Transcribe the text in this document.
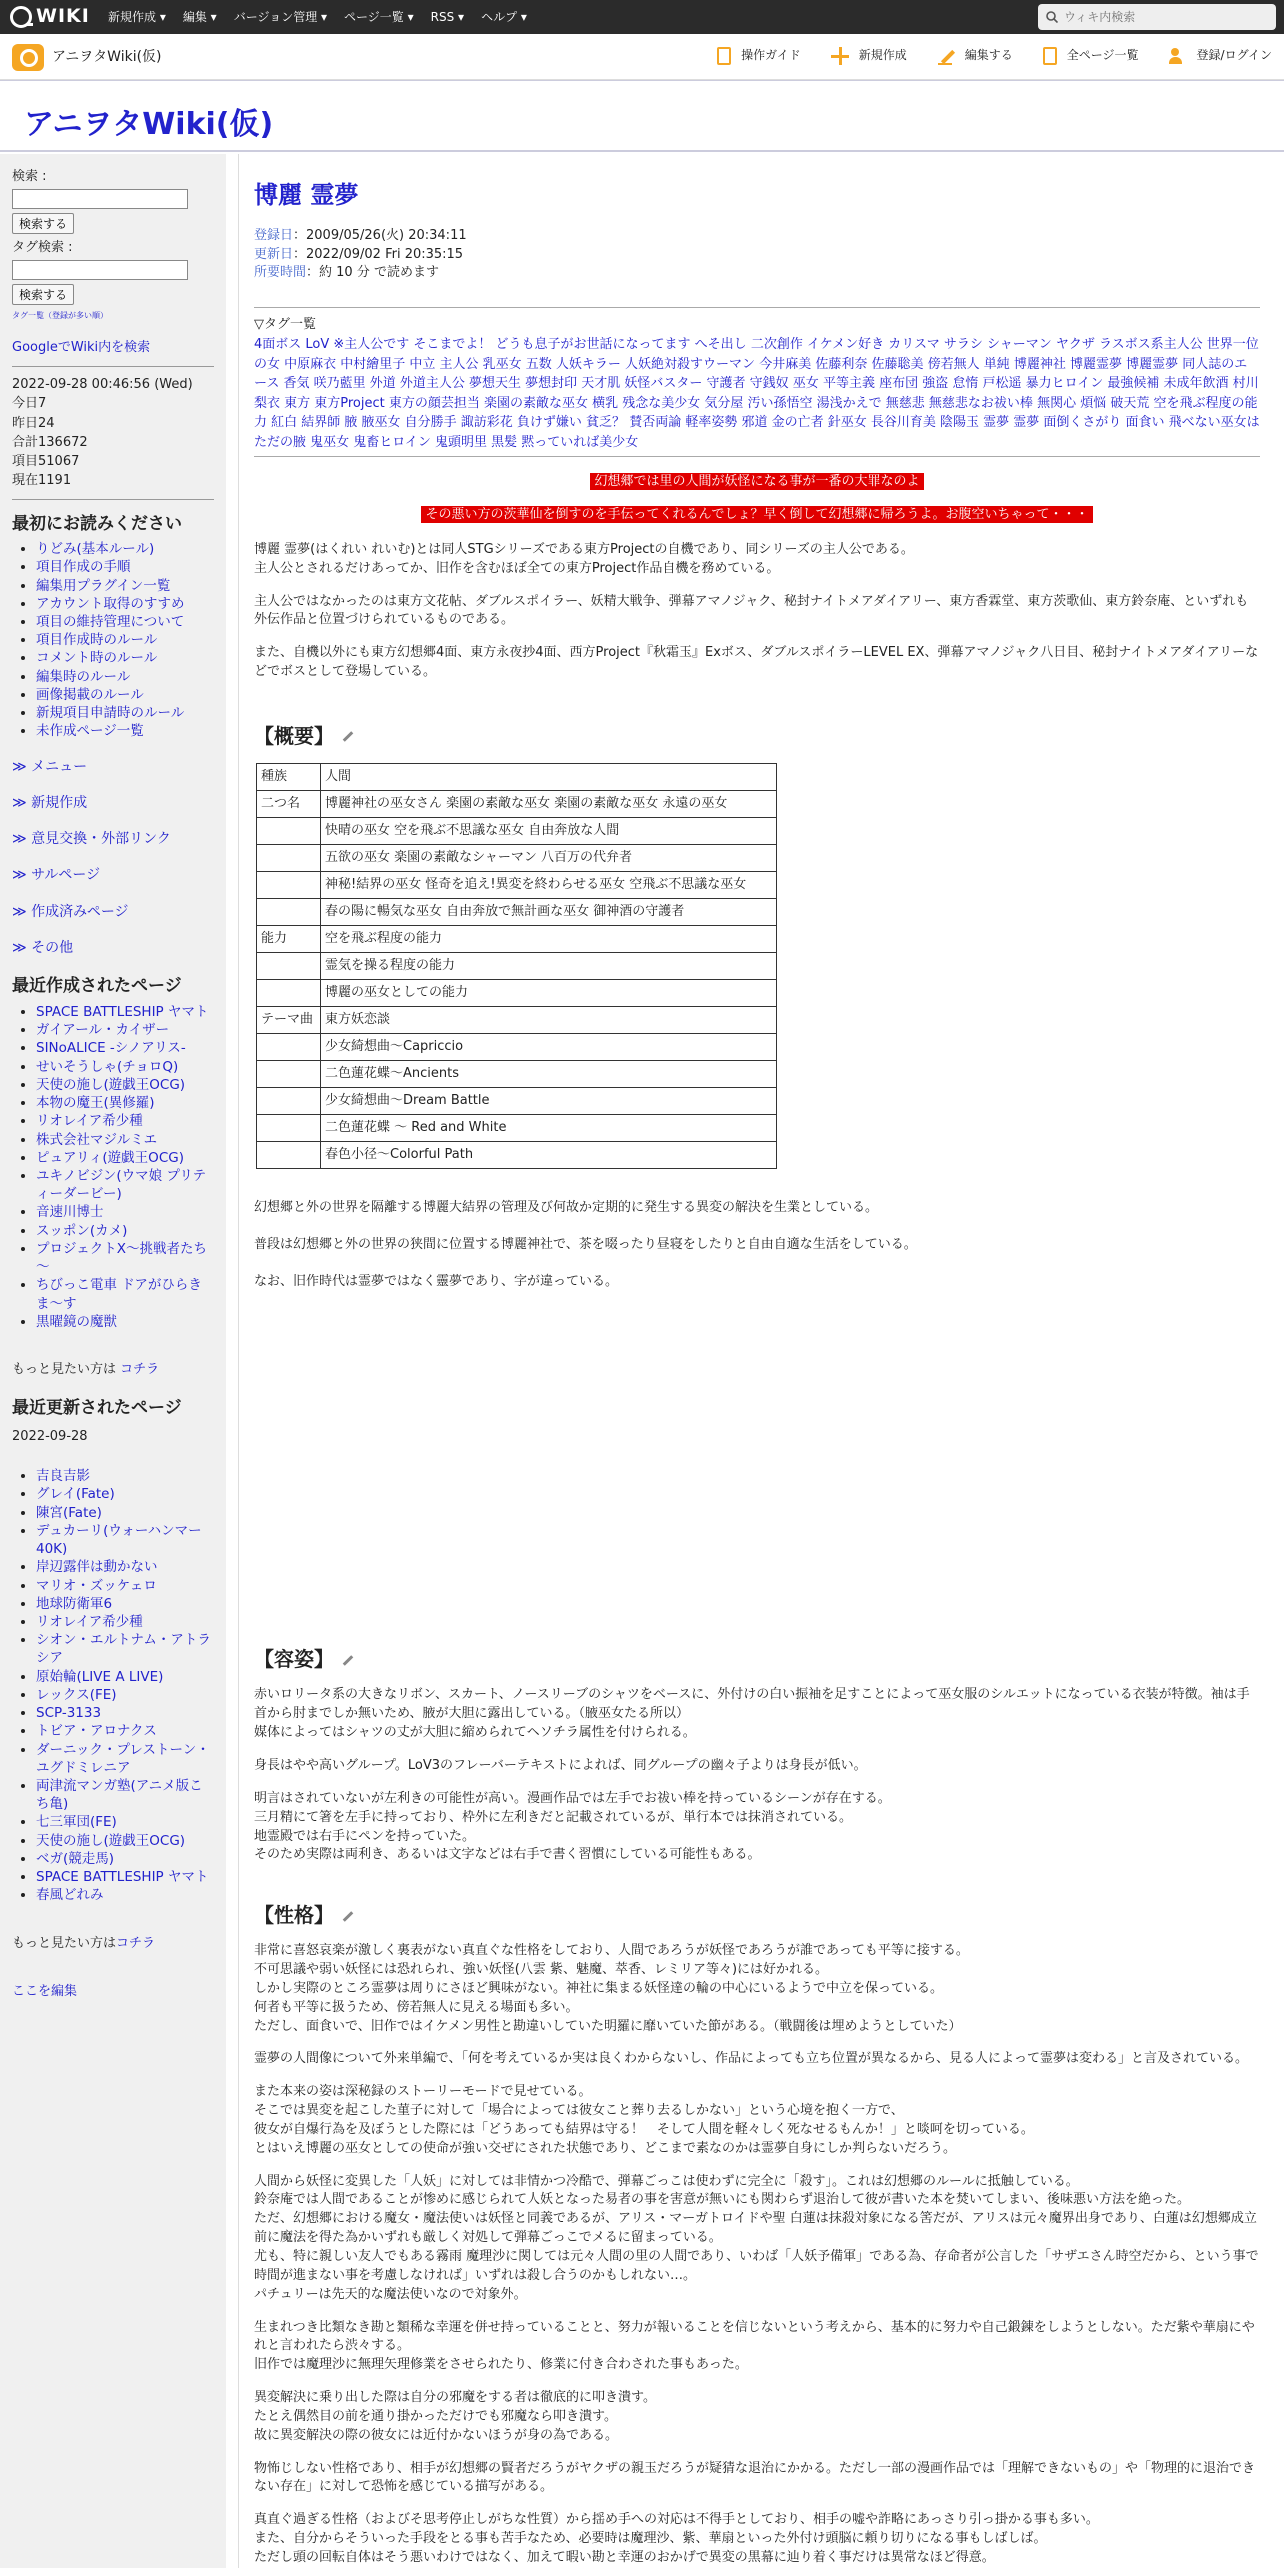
WIKI 新規作成 ▾ 編集 ▾ バージョン管理 ▾ ページ一覧 ▾ RSS ▾ ヘルプ ▾
ウィキ内検索
アニヲタWiki(仮)	操作ガイド	新規作成	編集する	全ページ一覧	登録/ログイン
アニヲタWiki(仮)
検索 :

検索する
タグ検索 :

検索する
タグ一覧（登録が多い順）
GoogleでWiki内を検索
2022-09-28 00:46:56 (Wed)
今日7
昨日24
合計136672
項目51067
現在1191
最初にお読みください
• りどみ(基本ルール)
• 項目作成の手順
• 編集用プラグイン一覧
• アカウント取得のすすめ
• 項目の維持管理について
• 項目作成時のルール
• コメント時のルール
• 編集時のルール
• 画像掲載のルール
• 新規項目申請時のルール
• 未作成ページ一覧
≫ メニュー
≫ 新規作成
≫ 意見交換・外部リンク
≫ サルページ
≫ 作成済みページ
≫ その他
最近作成されたページ
• SPACE BATTLESHIP ヤマト
• ガイアール・カイザー
• SINoALICE -シノアリス-
• せいそうしゃ(チョロQ)
• 天使の施し(遊戯王OCG)
• 本物の魔王(異修羅)
• リオレイア希少種
• 株式会社マジルミエ
• ピュアリィ(遊戯王OCG)
• ユキノビジン(ウマ娘 プリティーダービー)
• 音速川博士
• スッポン(カメ)
• プロジェクトX～挑戦者たち～
• ちびっこ電車 ドアがひらきま～す
• 黒曜鏡の魔獣
もっと見たい方は コチラ
最近更新されたページ
2022-09-28
• 吉良吉影
• グレイ(Fate)
• 陳宮(Fate)
• デュカーリ(ウォーハンマー40K)
• 岸辺露伴は動かない
• マリオ・ズッケェロ
• 地球防衛軍6
• リオレイア希少種
• シオン・エルトナム・アトラシア
• 原始輪(LIVE A LIVE)
• レックス(FE)
• SCP-3133
• トビア・アロナクス
• ダーニック・プレストーン・ユグドミレニア
• 両津流マンガ塾(アニメ版こち亀)
• 七三軍団(FE)
• 天使の施し(遊戯王OCG)
• ベガ(競走馬)
• SPACE BATTLESHIP ヤマト
• 春風どれみ
もっと見たい方はコチラ
ここを編集
博麗 霊夢
登録日：2009/05/26(火) 20:34:11
更新日：2022/09/02 Fri 20:35:15
所要時間：約 10 分 で読めます
▽タグ一覧
4面ボス LoV ※主人公です そこまでよ！ どうも息子がお世話になってます へそ出し 二次創作 イケメン好き カリスマ サラシ シャーマン ヤクザ ラスボス系主人公 世界一位の女 中原麻衣 中村繪里子 中立 主人公 乳巫女 五数 人妖キラー 人妖絶対殺すウーマン 今井麻美 佐藤利奈 佐藤聡美 傍若無人 単純 博麗神社 博麗霊夢 博麗霊夢 同人誌のエース 香気 咲乃藍里 外道 外道主人公 夢想天生 夢想封印 天才肌 妖怪バスター 守護者 守銭奴 巫女 平等主義 座布団 強盗 怠惰 戸松遥 暴力ヒロイン 最強候補 未成年飲酒 村川梨衣 東方 東方Project 東方の顔芸担当 楽園の素敵な巫女 横乳 残念な美少女 気分屋 汚い孫悟空 湯浅かえで 無慈悲 無慈悲なお祓い棒 無関心 煩悩 破天荒 空を飛ぶ程度の能力 紅白 結界師 腋 腋巫女 自分勝手 諏訪彩花 負けず嫌い 貧乏？ 賛否両論 軽率姿勢 邪道 金の亡者 針巫女 長谷川育美 陰陽玉 霊夢 霊夢 面倒くさがり 面食い 飛べない巫女はただの腋 鬼巫女 鬼畜ヒロイン 鬼頭明里 黒髪 黙っていれば美少女
幻想郷では里の人間が妖怪になる事が一番の大罪なのよ
その悪い方の茨華仙を倒すのを手伝ってくれるんでしょ？早く倒して幻想郷に帰ろうよ。お腹空いちゃって・・・
博麗 霊夢(はくれい れいむ)とは同人STGシリーズである東方Projectの自機であり、同シリーズの主人公である。

主人公とされるだけあってか、旧作を含むほぼ全ての東方Project作品自機を務めている。

主人公ではなかったのは東方文花帖、ダブルスポイラー、妖精大戦争、弾幕アマノジャク、秘封ナイトメアダイアリー、東方香霖堂、東方茨歌仙、東方鈴奈庵、といずれも外伝作品と位置づけられているものである。

また、自機以外にも東方幻想郷4面、東方永夜抄4面、西方Project『秋霜玉』Exボス、ダブルスポイラーLEVEL EX、弾幕アマノジャク八日目、秘封ナイトメアダイアリーなどでボスとして登場している。

【概要】
種族	人間
二つ名	博麗神社の巫女さん 楽園の素敵な巫女 楽園の素敵な巫女 永遠の巫女
	快晴の巫女 空を飛ぶ不思議な巫女 自由奔放な人間
	五欲の巫女 楽園の素敵なシャーマン 八百万の代弁者
	神秘!結界の巫女 怪奇を追え!異変を終わらせる巫女 空飛ぶ不思議な巫女
	春の陽に暢気な巫女 自由奔放で無計画な巫女 御神酒の守護者
能力	空を飛ぶ程度の能力
	霊気を操る程度の能力
	博麗の巫女としての能力
テーマ曲	東方妖恋談
	少女綺想曲～Capriccio
	二色蓮花蝶～Ancients
	少女綺想曲～Dream Battle
	二色蓮花蝶 ～ Red and White
	春色小径～Colorful Path

幻想郷と外の世界を隔離する博麗大結界の管理及び何故か定期的に発生する異変の解決を生業としている。

普段は幻想郷と外の世界の狭間に位置する博麗神社で、茶を啜ったり昼寝をしたりと自由自適な生活をしている。

なお、旧作時代は霊夢ではなく靈夢であり、字が違っている。

【容姿】
赤いロリータ系の大きなリボン、スカート、ノースリーブのシャツをベースに、外付けの白い振袖を足すことによって巫女服のシルエットになっている衣装が特徴。袖は手首から肘までしか無いため、腋が大胆に露出している。（腋巫女たる所以）

媒体によってはシャツの丈が大胆に縮められてヘソチラ属性を付けられる。

身長はやや高いグループ。LoV3のフレーバーテキストによれば、同グループの幽々子よりは身長が低い。

明言はされていないが左利きの可能性が高い。漫画作品では左手でお祓い棒を持っているシーンが存在する。
三月精にて箸を左手に持っており、枠外に左利きだと記載されているが、単行本では抹消されている。
地霊殿では右手にペンを持っていた。
そのため実際は両利き、あるいは文字などは右手で書く習慣にしている可能性もある。
【性格】
非常に喜怒哀楽が激しく裏表がない真直ぐな性格をしており、人間であろうが妖怪であろうが誰であっても平等に接する。
不可思議や弱い妖怪には恐れられ、強い妖怪(八雲 紫、魅魔、萃香、レミリア等々)には好かれる。
しかし実際のところ霊夢は周りにさほど興味がない。神社に集まる妖怪達の輪の中心にいるようで中立を保っている。
何者も平等に扱うため、傍若無人に見える場面も多い。

ただし、面食いで、旧作ではイケメン男性と勘違いしていた明羅に靡いていた節がある。（戦闘後は埋めようとしていた）

霊夢の人間像について外来単編で、「何を考えているか実は良くわからないし、作品によっても立ち位置が異なるから、見る人によって霊夢は変わる」と言及されている。

また本来の姿は深秘録のストーリーモードで見せている。
そこでは異変を起こした菫子に対して「場合によっては彼女こと葬り去るしかない」という心境を抱く一方で、
彼女が自爆行為を及ぼうとした際には「どうあっても結界は守る！　そして人間を軽々しく死なせるもんか！」と啖呵を切っている。

とはいえ博麗の巫女としての使命が強い交ぜにされた状態であり、どこまで素なのかは霊夢自身にしか判らないだろう。

人間から妖怪に変異した「人妖」に対しては非情かつ冷酷で、弾幕ごっこは使わずに完全に「殺す」。これは幻想郷のルールに抵触している。
鈴奈庵では人間であることが惨めに感じられて人妖となった易者の事を害意が無いにも関わらず退治して彼が書いた本を焚いてしまい、後味悪い方法を絶った。
ただ、幻想郷における魔女・魔法使いは妖怪と同義であるが、アリス・マーガトロイドや聖 白蓮は抹殺対象になる筈だが、アリスは元々魔界出身であり、白蓮は幻想郷成立前に魔法を得た為かいずれも厳しく対処して弾幕ごっこでメるに留まっている。
尤も、特に親しい友人でもある霧雨 魔理沙に関しては元々人間の里の人間であり、いわば「人妖予備軍」である為、存命者が公言した「サザエさん時空だから、という事で時間が進まない事を考慮しなければ」いずれは殺し合うのかもしれない…。

パチュリーは先天的な魔法使いなので対象外。

生まれつき比類なき勘と類稀な幸運を併せ持っていることと、努力が報いることを信じないという考えから、基本的に努力や自己鍛錬をしようとしない。ただ紫や華扇にやれと言われたら渋々する。

旧作では魔理沙に無理矢理修業をさせられたり、修業に付き合わされた事もあった。

異変解決に乗り出した際は自分の邪魔をする者は徹底的に叩き潰す。
たとえ偶然目の前を通り掛かっただけでも邪魔なら叩き潰す。

故に異変解決の際の彼女には近付かないほうが身の為である。

物怖じしない性格であり、相手が幻想郷の賢者だろうがヤクザの親玉だろうが疑猜な退治にかかる。ただし一部の漫画作品では「理解できないもの」や「物理的に退治できない存在」に対して恐怖を感じている描写がある。

真直ぐ過ぎる性格（およびそ思考停止しがちな性質）から揺め手への対応は不得手としており、相手の嘘や詐略にあっさり引っ掛かる事も多い。
また、自分からそういった手段をとる事も苦手なため、必要時は魔理沙、紫、華扇といった外付け頭脳に頼り切りになる事もしばしば。
ただし頭の回転自体はそう悪いわけではなく、加えて暇い勘と幸運のおかげで異変の黒幕に辿り着く事だけは異常なほど得意。
